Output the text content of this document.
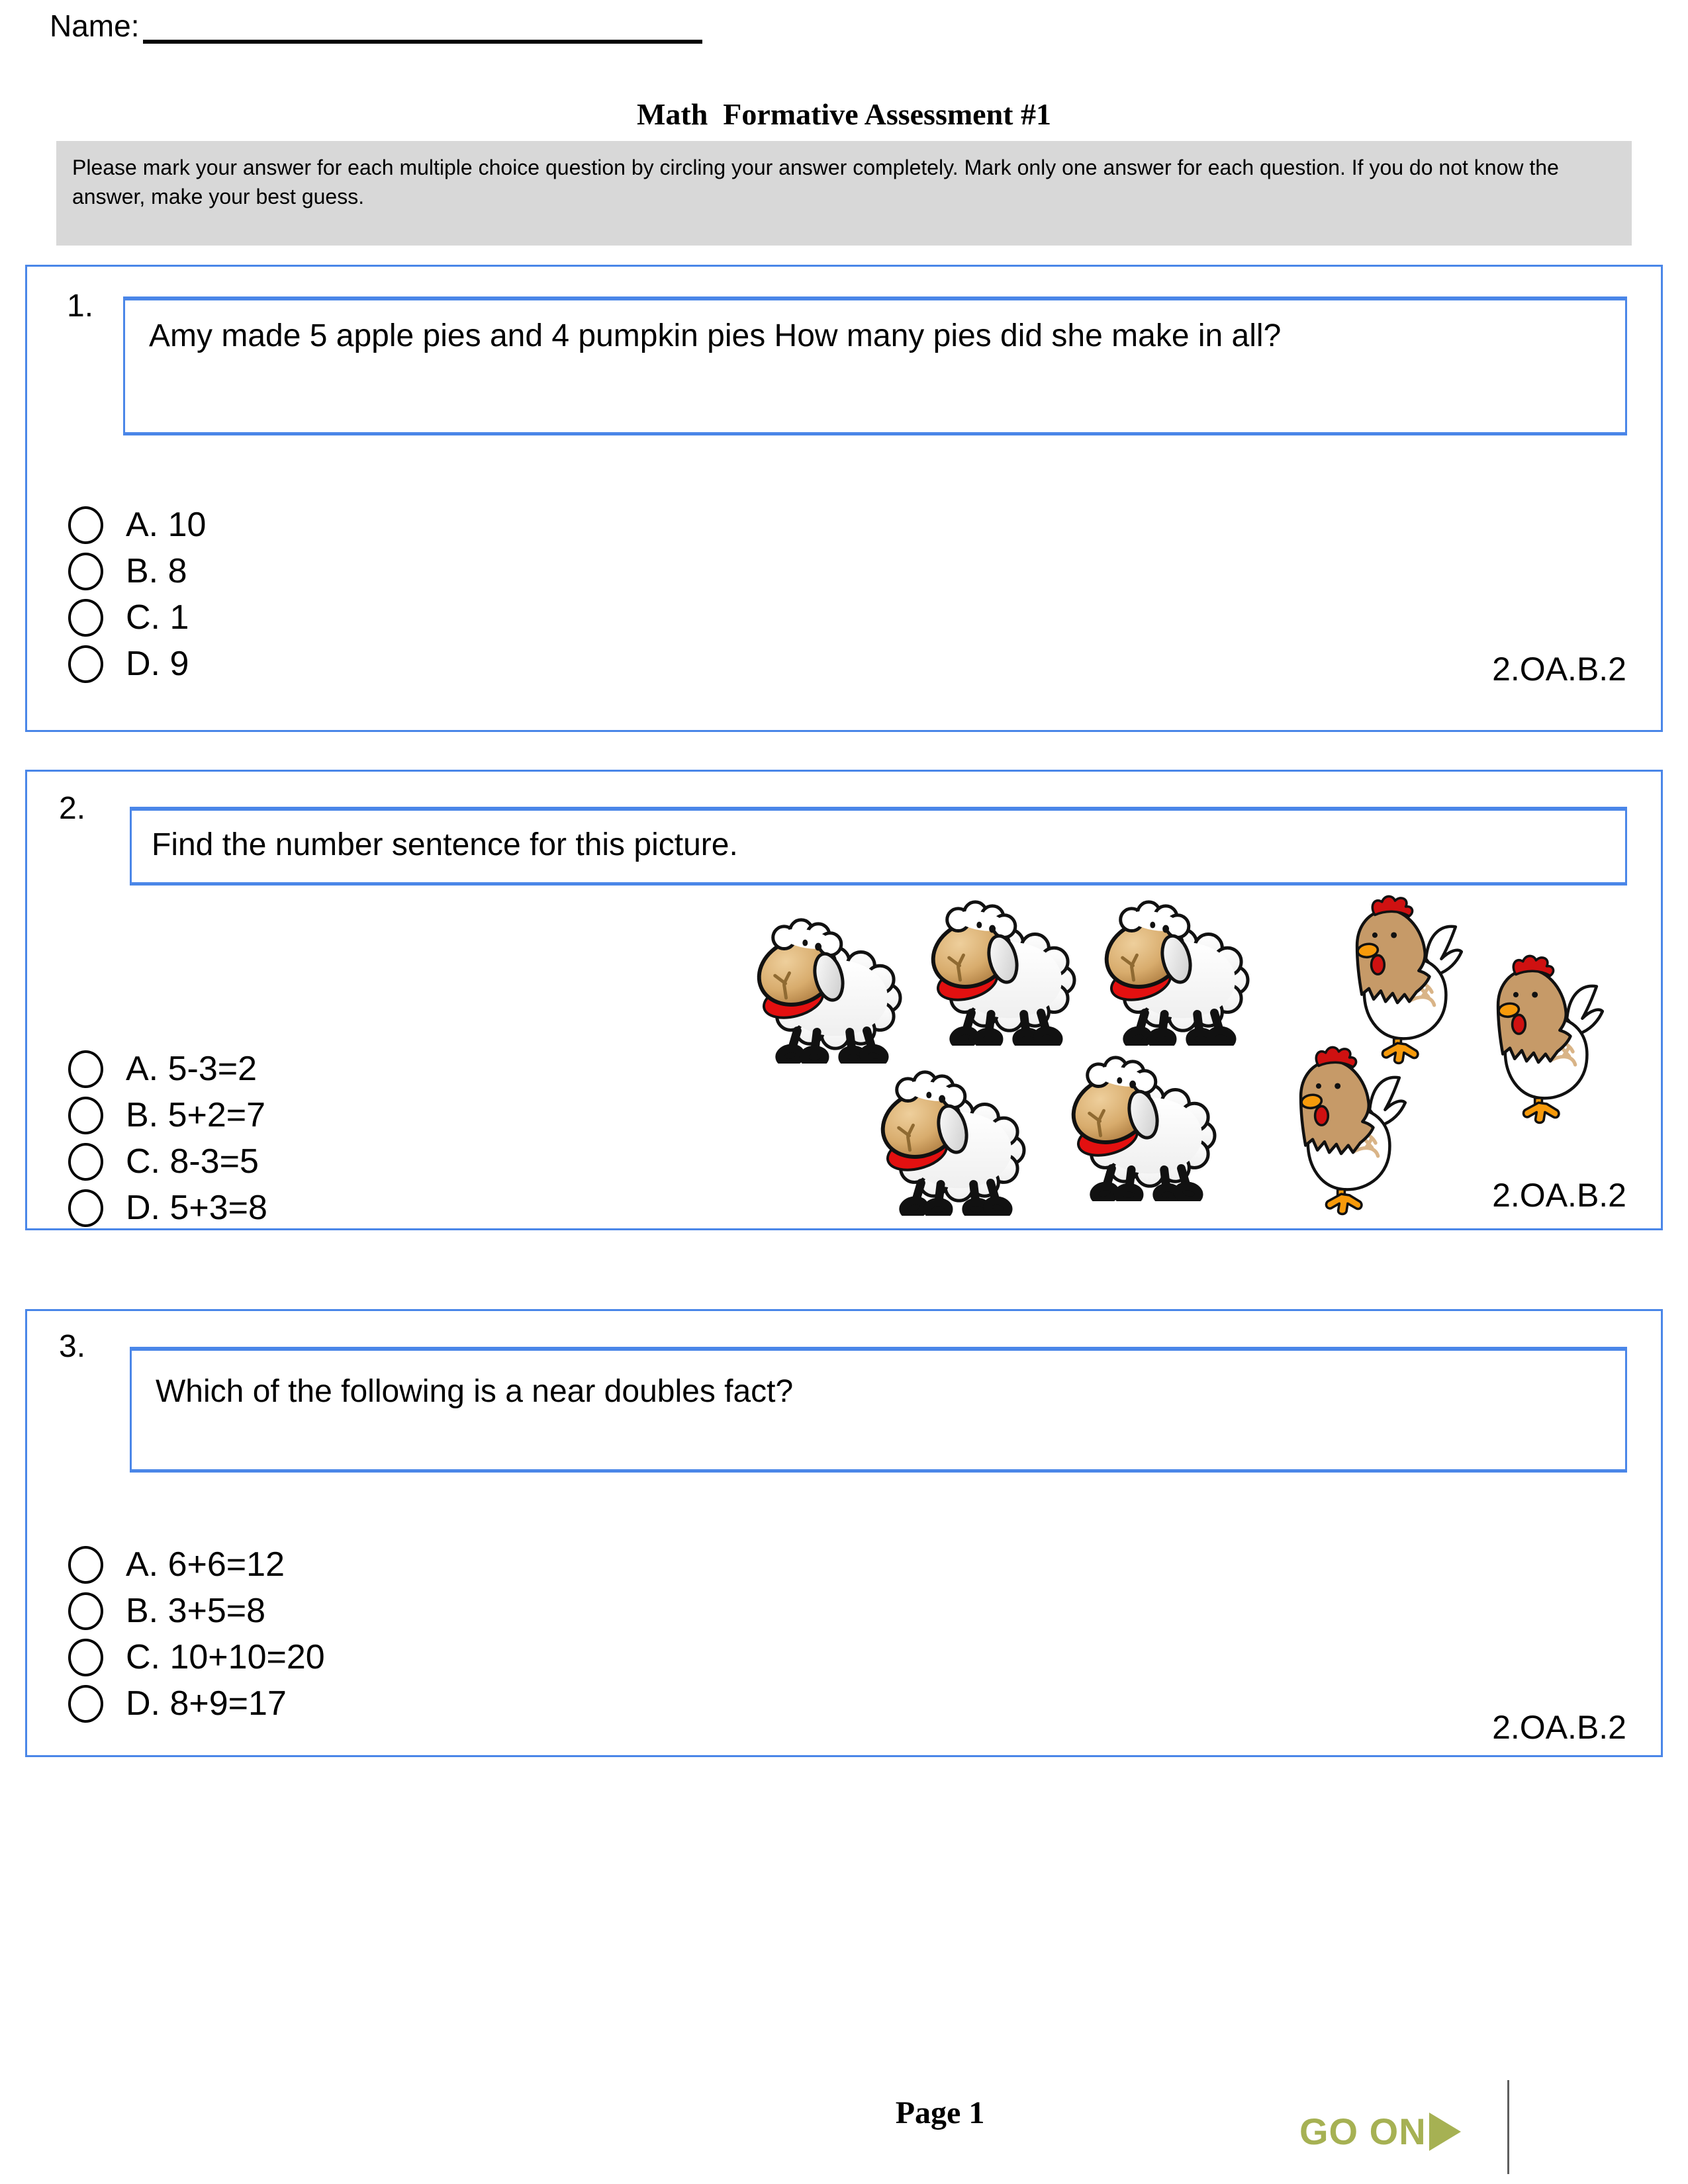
Name:
Math  Formative Assessment #1
Please mark your answer for each multiple choice question by circling your answer completely. Mark only one answer for each question. If you do not know the answer, make your best guess.
1.
Amy made 5 apple pies and 4 pumpkin pies How many pies did she make in all?
A. 10
B. 8
C. 1
D. 9	2.OA.B.2
2.
Find the number sentence for this picture.
A. 5-3=2
B. 5+2=7
C. 8-3=5
D. 5+3=8	2.OA.B.2
3.
Which of the following is a near doubles fact?
A. 6+6=12
B. 3+5=8
C. 10+10=20
D. 8+9=17
2.OA.B.2
Page 1	GO ON
